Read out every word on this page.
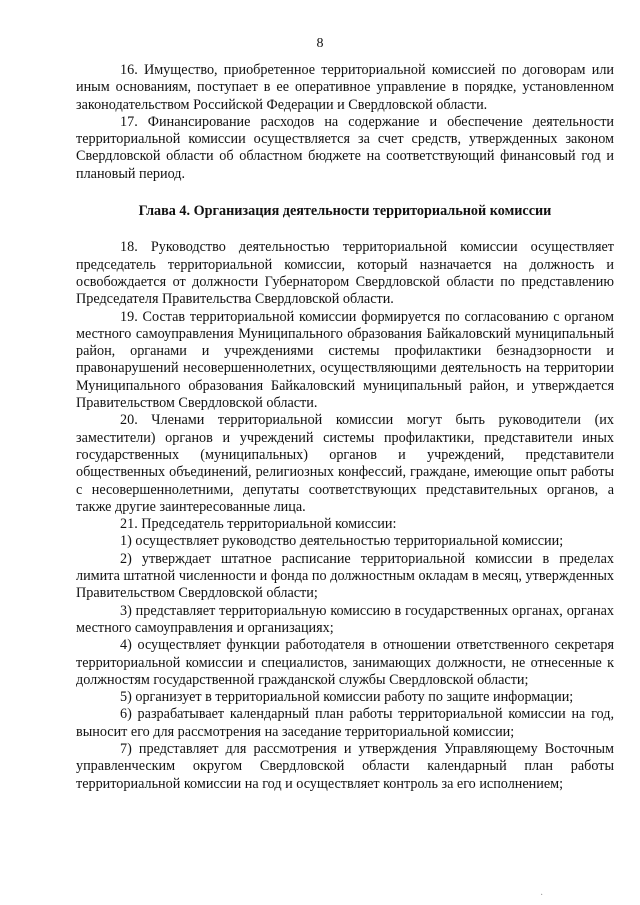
8

16. Имущество, приобретенное территориальной комиссией по договорам или иным основаниям, поступает в ее оперативное управление в порядке, установленном законодательством Российской Федерации и Свердловской области.

17. Финансирование расходов на содержание и обеспечение деятельности территориальной комиссии осуществляется за счет средств, утвержденных законом Свердловской области об областном бюджете на соответствующий финансовый год и плановый период.

Глава 4. Организация деятельности территориальной комиссии

18. Руководство деятельностью территориальной комиссии осуществляет председатель территориальной комиссии, который назначается на должность и освобождается от должности Губернатором Свердловской области по представлению Председателя Правительства Свердловской области.

19. Состав территориальной комиссии формируется по согласованию с органом местного самоуправления Муниципального образования Байкаловский муниципальный район, органами и учреждениями системы профилактики безнадзорности и правонарушений несовершеннолетних, осуществляющими деятельность на территории Муниципального образования Байкаловский муниципальный район, и утверждается Правительством Свердловской области.

20. Членами территориальной комиссии могут быть руководители (их заместители) органов и учреждений системы профилактики, представители иных государственных (муниципальных) органов и учреждений, представители общественных объединений, религиозных конфессий, граждане, имеющие опыт работы с несовершеннолетними, депутаты соответствующих представительных органов, а также другие заинтересованные лица.

21. Председатель территориальной комиссии:

1) осуществляет руководство деятельностью территориальной комиссии;

2) утверждает штатное расписание территориальной комиссии в пределах лимита штатной численности и фонда по должностным окладам в месяц, утвержденных Правительством Свердловской области;

3) представляет территориальную комиссию в государственных органах, органах местного самоуправления и организациях;

4) осуществляет функции работодателя в отношении ответственного секретаря территориальной комиссии и специалистов, занимающих должности, не отнесенные к должностям государственной гражданской службы Свердловской области;

5) организует в территориальной комиссии работу по защите информации;

6) разрабатывает календарный план работы территориальной комиссии на год, выносит его для рассмотрения на заседание территориальной комиссии;

7) представляет для рассмотрения и утверждения Управляющему Восточным управленческим округом Свердловской области календарный план работы территориальной комиссии на год и осуществляет контроль за его исполнением;

·
